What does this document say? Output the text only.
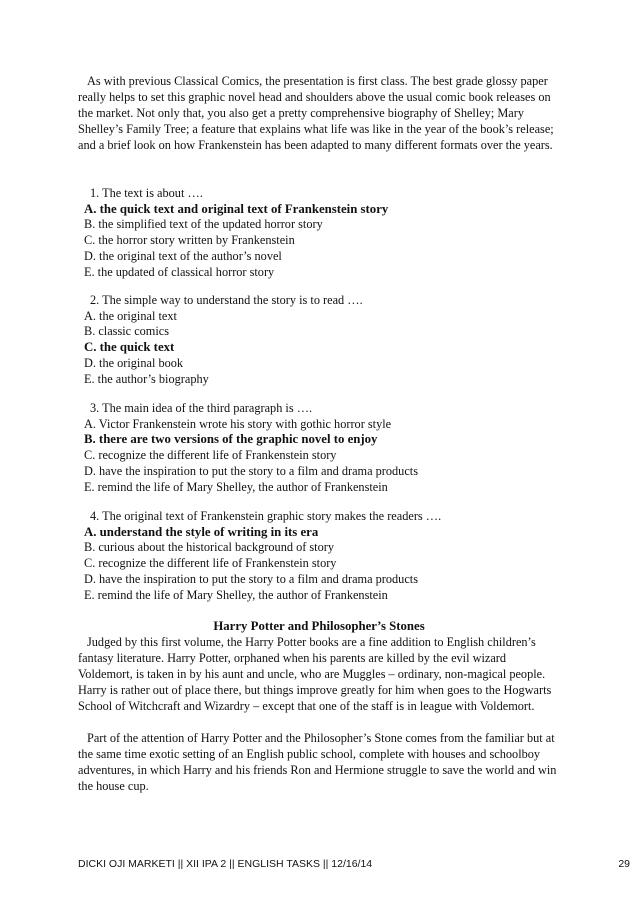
As with previous Classical Comics, the presentation is first class. The best grade glossy paper really helps to set this graphic novel head and shoulders above the usual comic book releases on the market. Not only that, you also get a pretty comprehensive biography of Shelley; Mary Shelley’s Family Tree; a feature that explains what life was like in the year of the book’s release; and a brief look on how Frankenstein has been adapted to many different formats over the years.

1. The text is about ….
A. the quick text and original text of Frankenstein story
B. the simplified text of the updated horror story
C. the horror story written by Frankenstein
D. the original text of the author’s novel
E. the updated of classical horror story
2. The simple way to understand the story is to read ….
A. the original text
B. classic comics
C. the quick text
D. the original book
E. the author’s biography
3. The main idea of the third paragraph is ….
A. Victor Frankenstein wrote his story with gothic horror style
B. there are two versions of the graphic novel to enjoy
C. recognize the different life of Frankenstein story
D. have the inspiration to put the story to a film and drama products
E. remind the life of Mary Shelley, the author of Frankenstein
4. The original text of Frankenstein graphic story makes the readers ….
A. understand the style of writing in its era
B. curious about the historical background of story
C. recognize the different life of Frankenstein story
D. have the inspiration to put the story to a film and drama products
E. remind the life of Mary Shelley, the author of Frankenstein
Harry Potter and Philosopher’s Stones

Judged by this first volume, the Harry Potter books are a fine addition to English children’s fantasy literature. Harry Potter, orphaned when his parents are killed by the evil wizard Voldemort, is taken in by his aunt and uncle, who are Muggles – ordinary, non-magical people. Harry is rather out of place there, but things improve greatly for him when goes to the Hogwarts School of Witchcraft and Wizardry – except that one of the staff is in league with Voldemort.

Part of the attention of Harry Potter and the Philosopher’s Stone comes from the familiar but at the same time exotic setting of an English public school, complete with houses and schoolboy adventures, in which Harry and his friends Ron and Hermione struggle to save the world and win the house cup.

DICKI OJI MARKETI || XII IPA 2 || ENGLISH TASKS || 12/16/14	29
